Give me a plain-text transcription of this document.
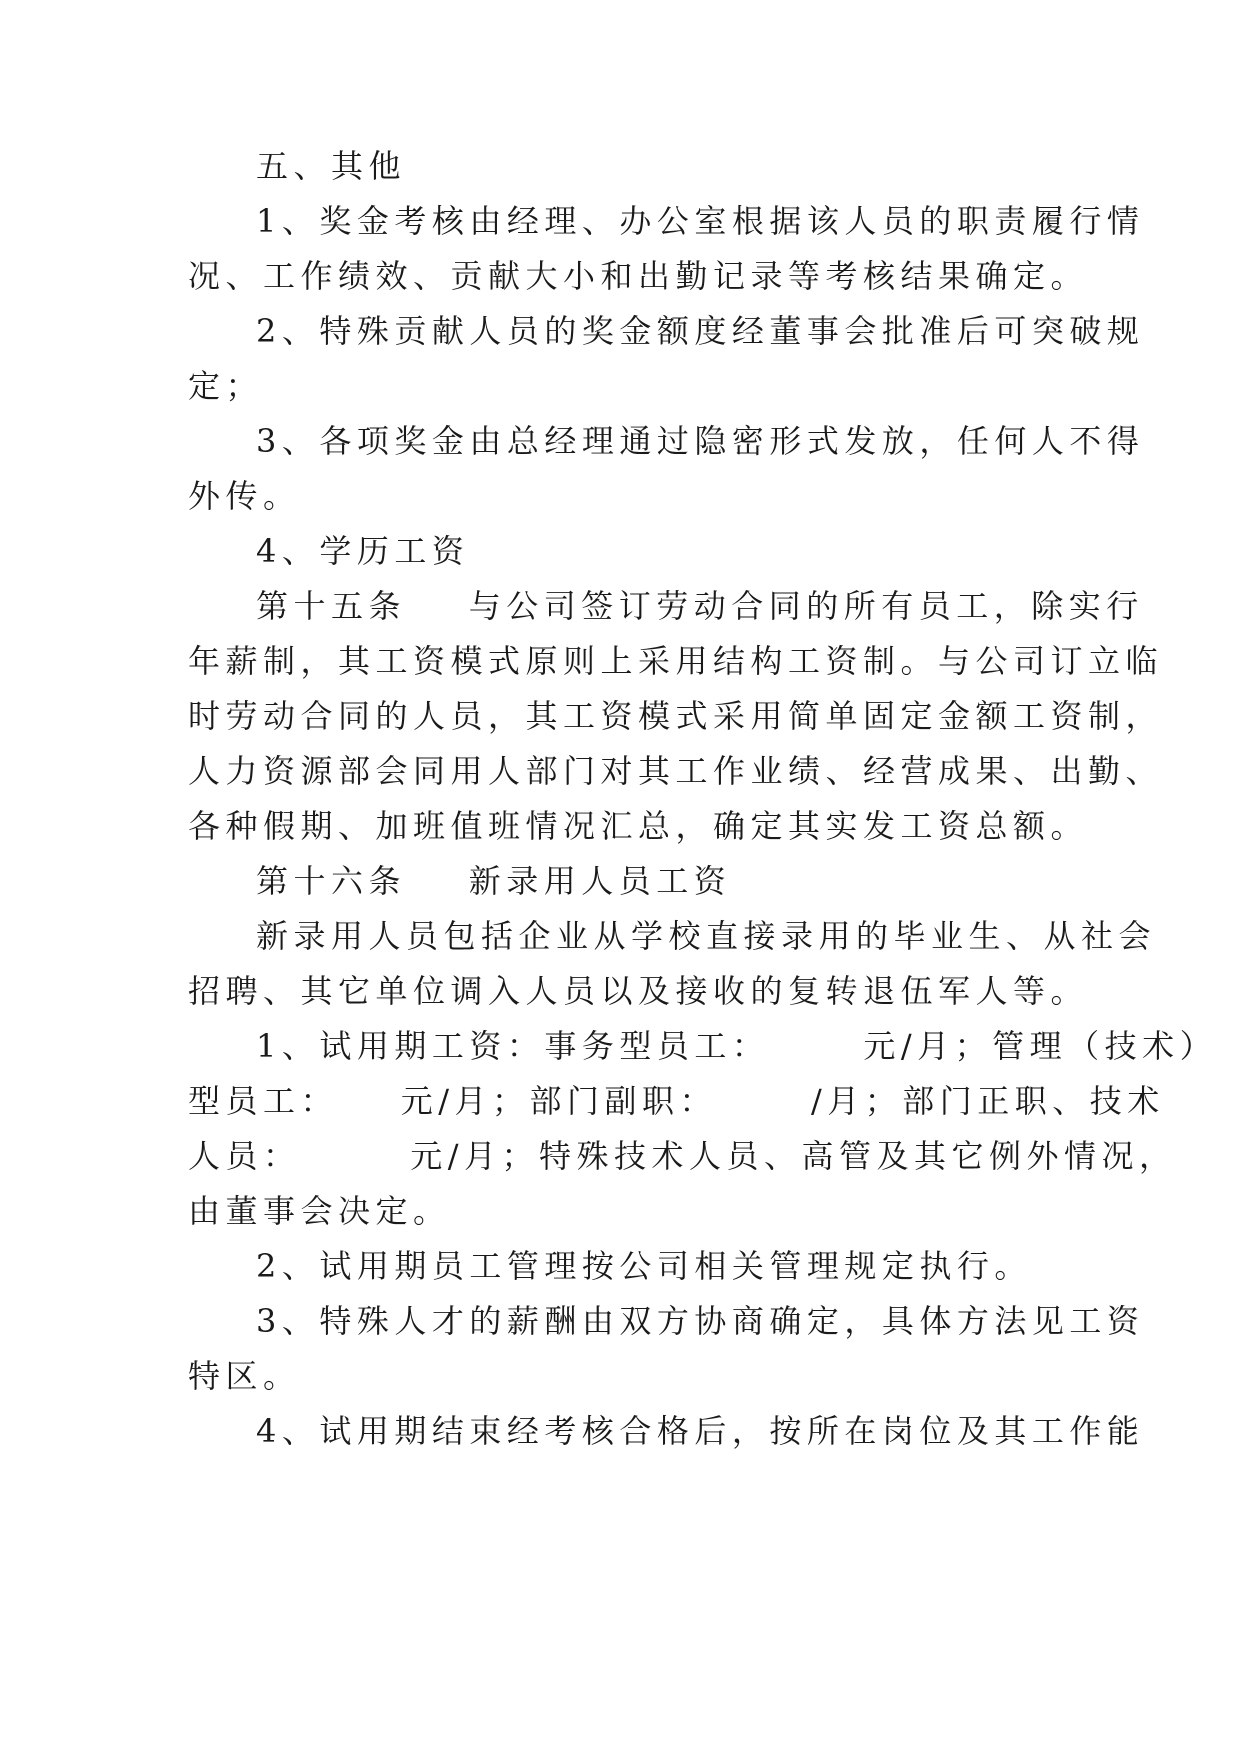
五、其他
1、奖金考核由经理、办公室根据该人员的职责履行情
况、工作绩效、贡献大小和出勤记录等考核结果确定。
2、特殊贡献人员的奖金额度经董事会批准后可突破规
定；
3、各项奖金由总经理通过隐密形式发放，任何人不得
外传。
4、学历工资
第十五条    与公司签订劳动合同的所有员工，除实行
年薪制，其工资模式原则上采用结构工资制。与公司订立临
时劳动合同的人员，其工资模式采用简单固定金额工资制，
人力资源部会同用人部门对其工作业绩、经营成果、出勤、
各种假期、加班值班情况汇总，确定其实发工资总额。
第十六条    新录用人员工资
新录用人员包括企业从学校直接录用的毕业生、从社会
招聘、其它单位调入人员以及接收的复转退伍军人等。
1、试用期工资：事务型员工：      元/月；管理（技术）
型员工：    元/月；部门副职：      /月；部门正职、技术
人员：       元/月；特殊技术人员、高管及其它例外情况，
由董事会决定。
2、试用期员工管理按公司相关管理规定执行。
3、特殊人才的薪酬由双方协商确定，具体方法见工资
特区。
4、试用期结束经考核合格后，按所在岗位及其工作能
